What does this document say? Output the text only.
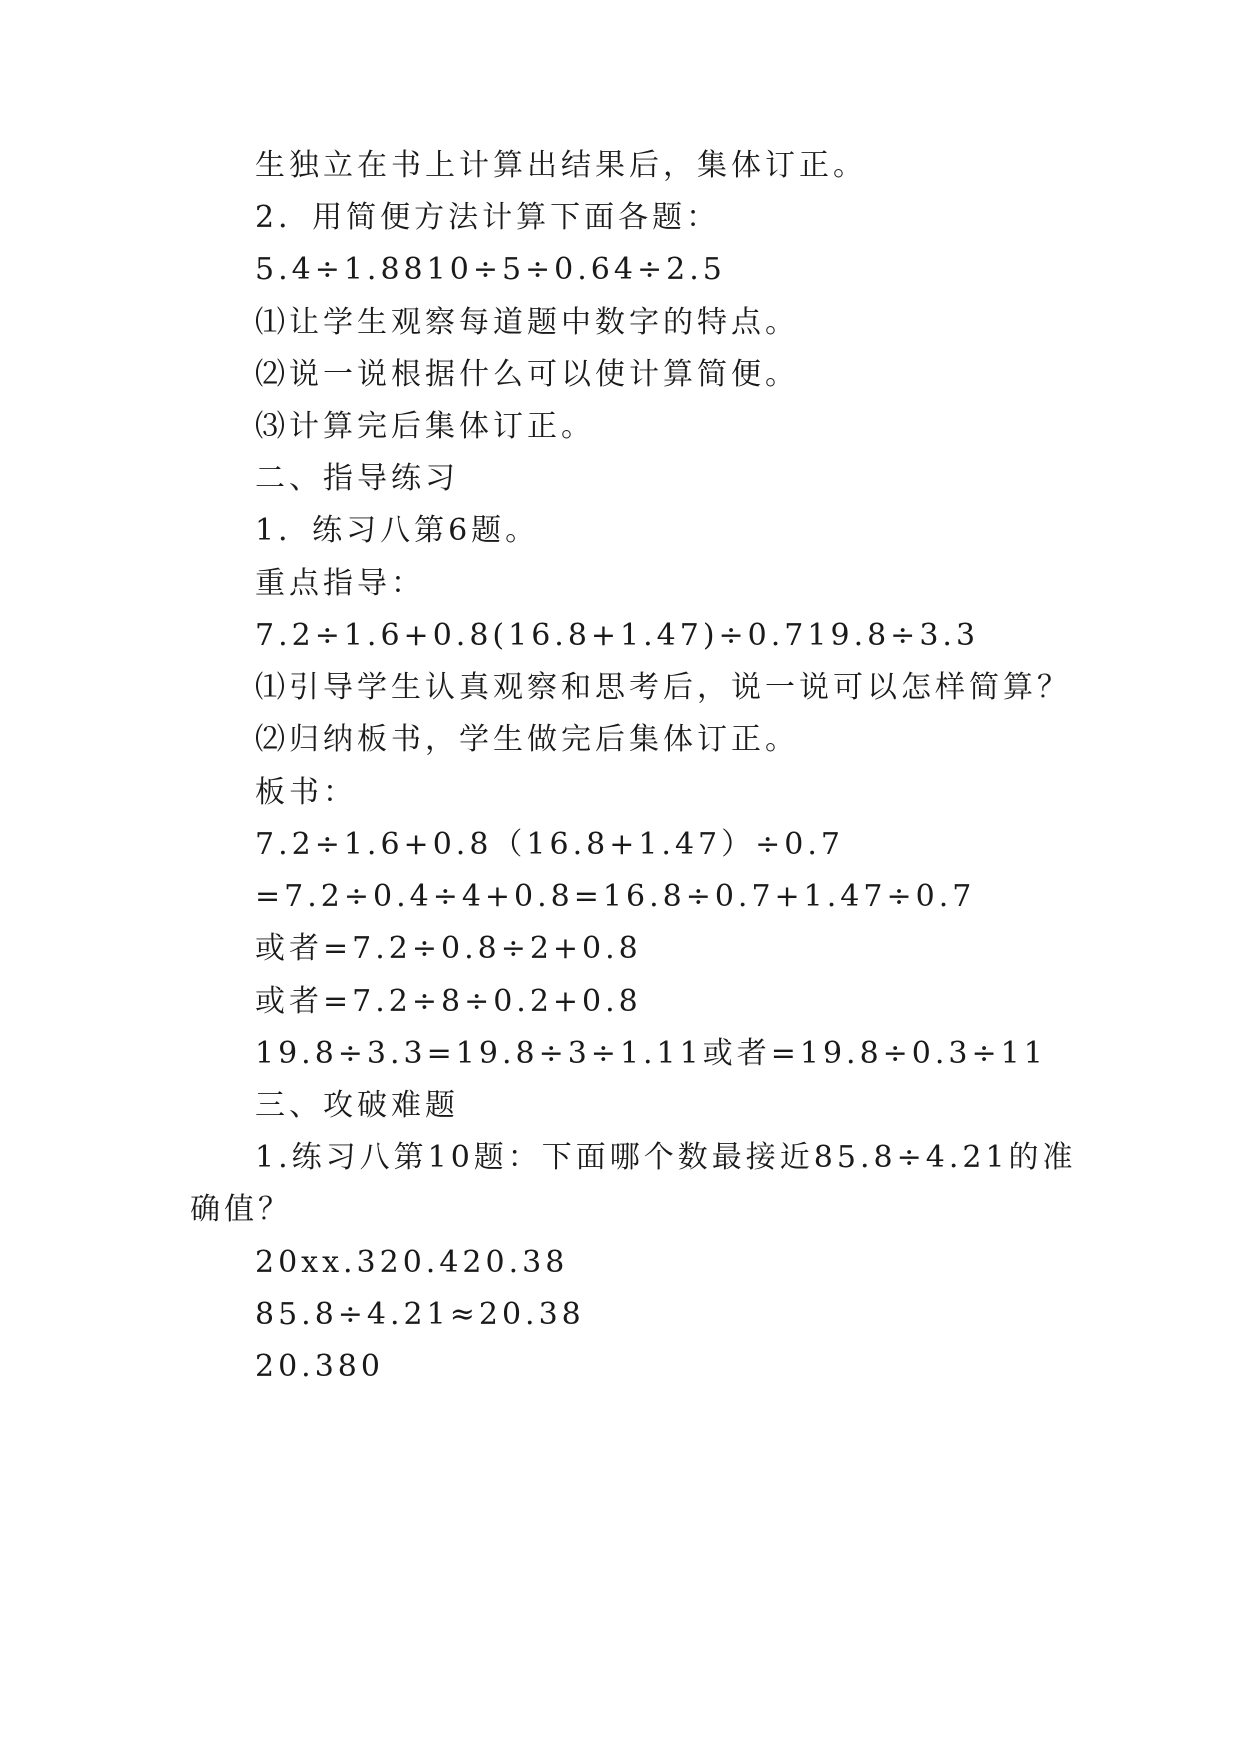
生独立在书上计算出结果后，集体订正。
2．用简便方法计算下面各题：
5.4÷1.8810÷5÷0.64÷2.5
⑴让学生观察每道题中数字的特点。
⑵说一说根据什么可以使计算简便。
⑶计算完后集体订正。
二、指导练习
1．练习八第6题。
重点指导：
7.2÷1.6+0.8(16.8+1.47)÷0.719.8÷3.3
⑴引导学生认真观察和思考后，说一说可以怎样简算？
⑵归纳板书，学生做完后集体订正。
板书：
7.2÷1.6+0.8（16.8+1.47）÷0.7
=7.2÷0.4÷4+0.8=16.8÷0.7+1.47÷0.7
或者=7.2÷0.8÷2+0.8
或者=7.2÷8÷0.2+0.8
19.8÷3.3=19.8÷3÷1.11或者=19.8÷0.3÷11
三、攻破难题
1.练习八第10题：下面哪个数最接近85.8÷4.21的准
确值？
20xx.320.420.38
85.8÷4.21≈20.38
20.380
